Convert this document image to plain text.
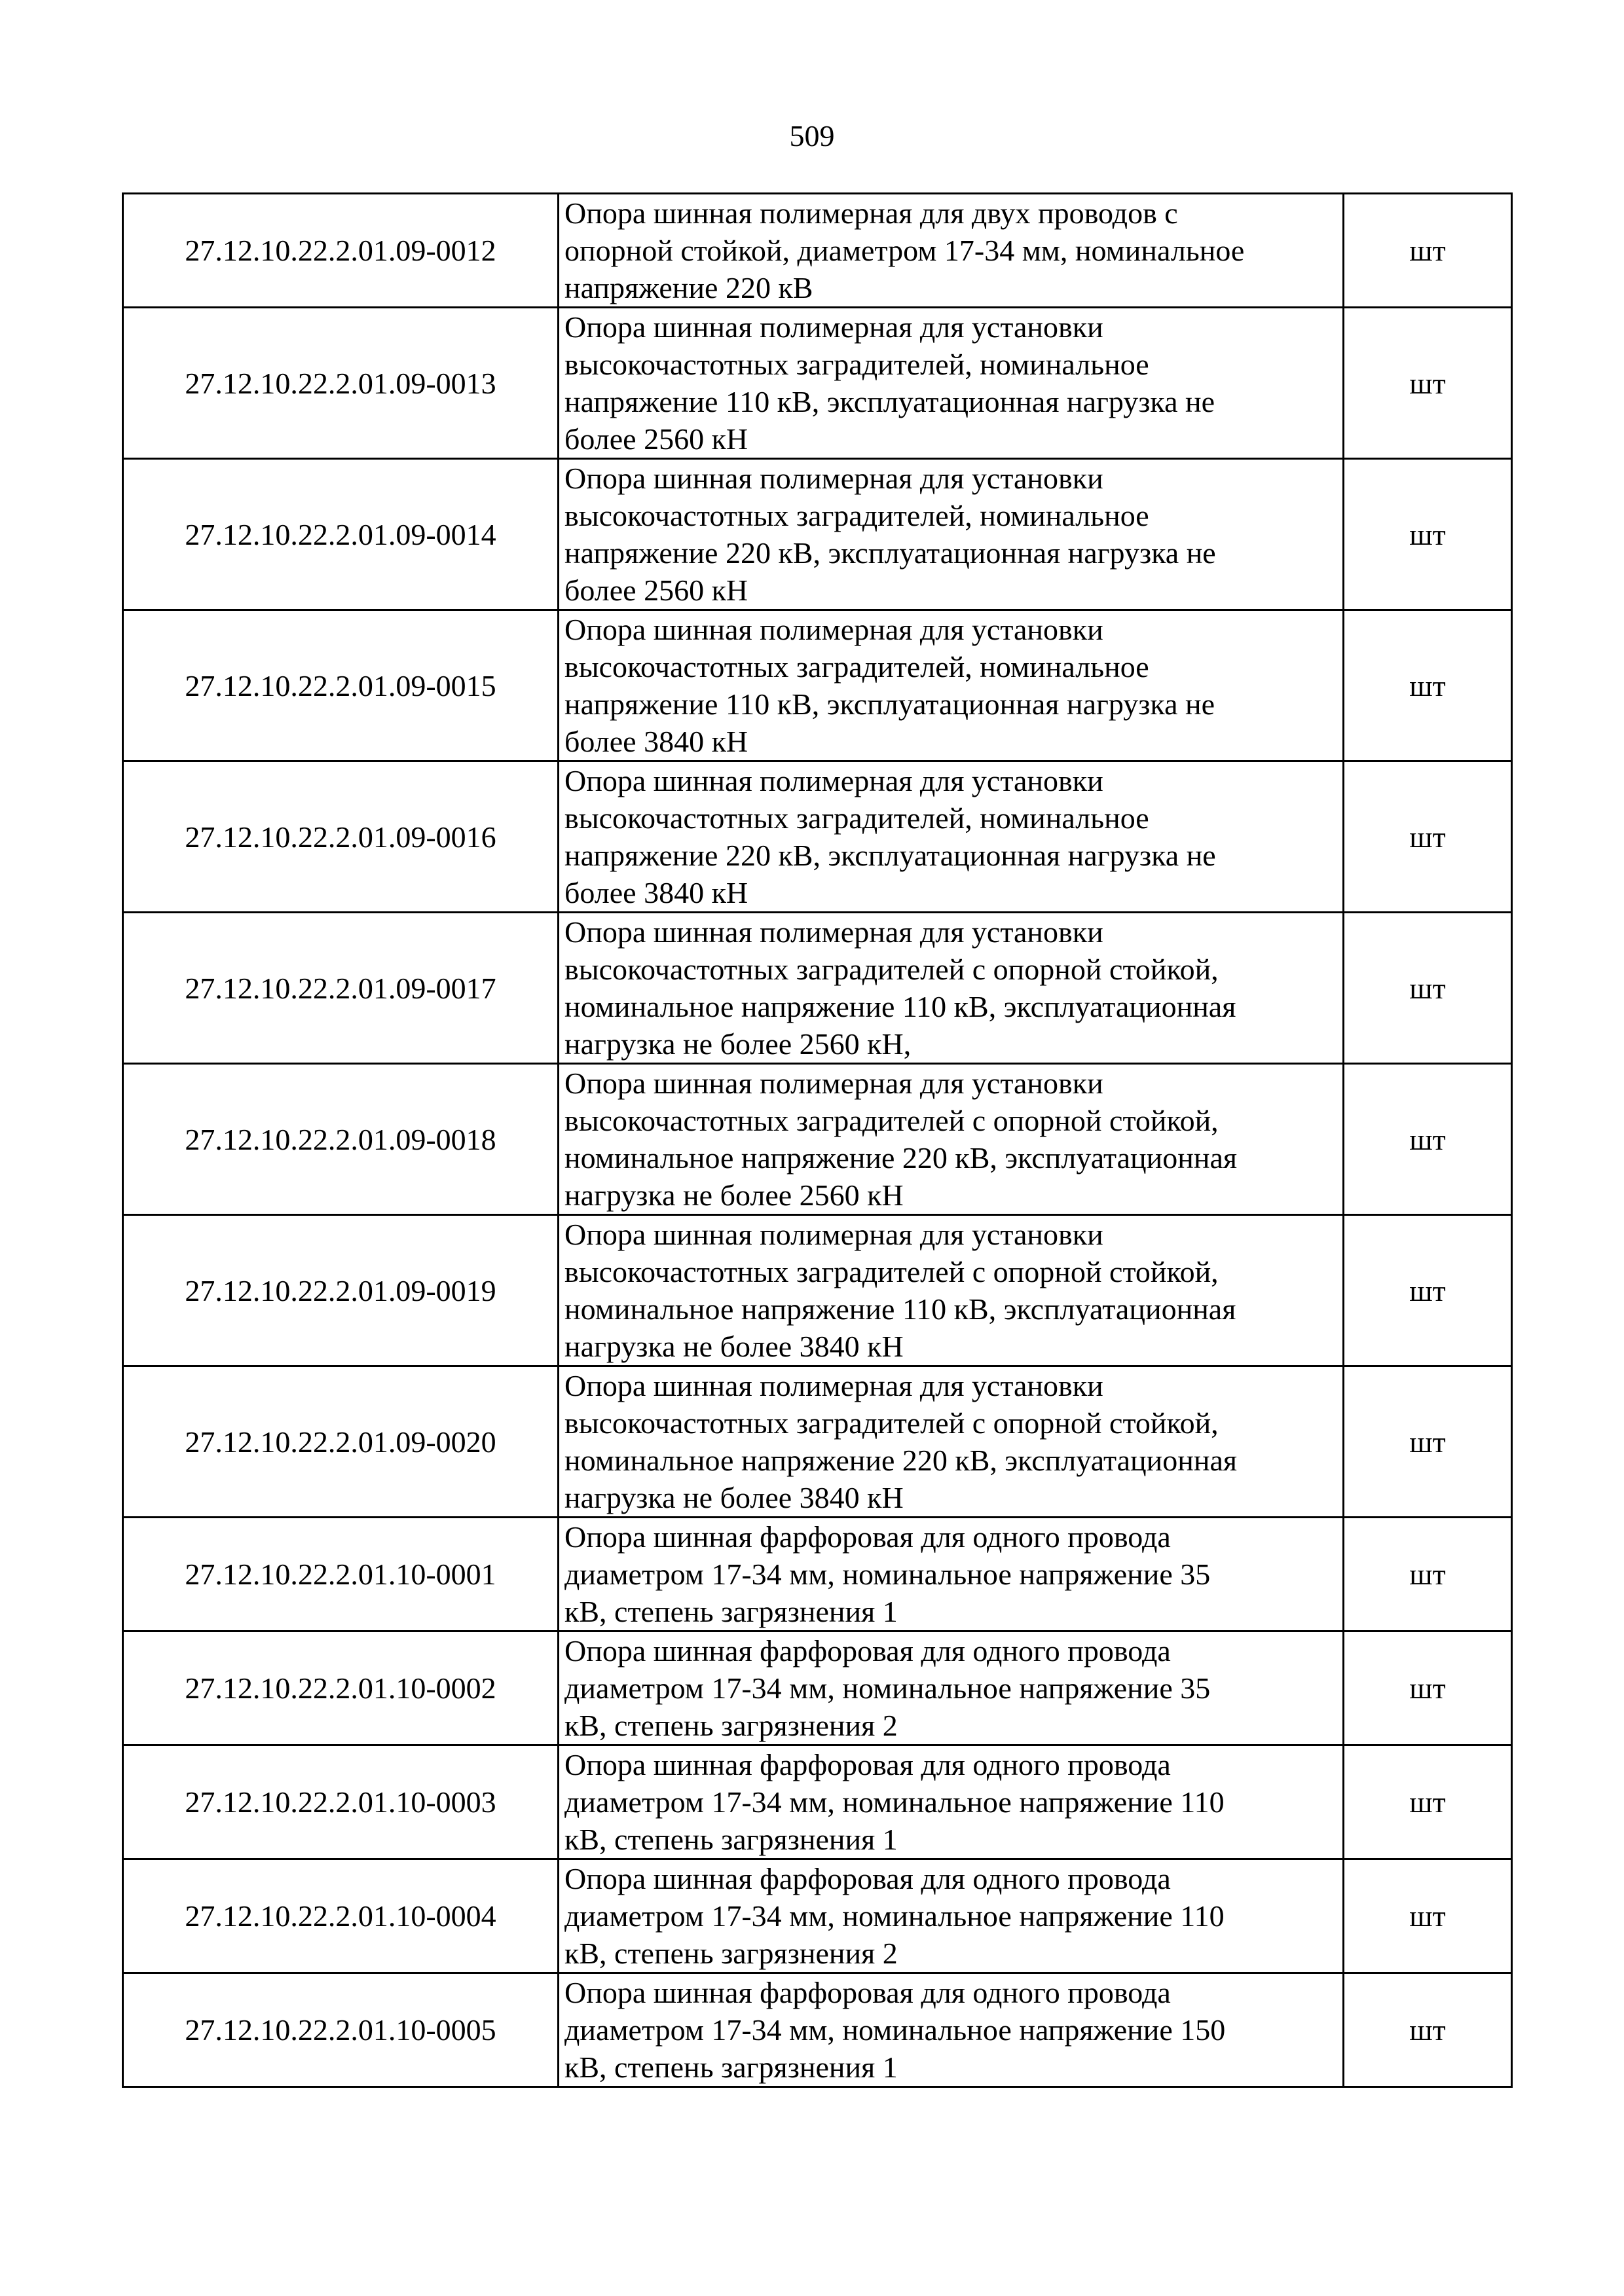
509
27.12.10.22.2.01.09-0012	Опора шинная полимерная для двух проводов с
опорной стойкой, диаметром 17-34 мм, номинальное
напряжение 220 кВ	шт
27.12.10.22.2.01.09-0013	Опора шинная полимерная для установки
высокочастотных заградителей, номинальное
напряжение 110 кВ, эксплуатационная нагрузка не
более 2560 кН	шт
27.12.10.22.2.01.09-0014	Опора шинная полимерная для установки
высокочастотных заградителей, номинальное
напряжение 220 кВ, эксплуатационная нагрузка не
более 2560 кН	шт
27.12.10.22.2.01.09-0015	Опора шинная полимерная для установки
высокочастотных заградителей, номинальное
напряжение 110 кВ, эксплуатационная нагрузка не
более 3840 кН	шт
27.12.10.22.2.01.09-0016	Опора шинная полимерная для установки
высокочастотных заградителей, номинальное
напряжение 220 кВ, эксплуатационная нагрузка не
более 3840 кН	шт
27.12.10.22.2.01.09-0017	Опора шинная полимерная для установки
высокочастотных заградителей с опорной стойкой,
номинальное напряжение 110 кВ, эксплуатационная
нагрузка не более 2560 кН,	шт
27.12.10.22.2.01.09-0018	Опора шинная полимерная для установки
высокочастотных заградителей с опорной стойкой,
номинальное напряжение 220 кВ, эксплуатационная
нагрузка не более 2560 кН	шт
27.12.10.22.2.01.09-0019	Опора шинная полимерная для установки
высокочастотных заградителей с опорной стойкой,
номинальное напряжение 110 кВ, эксплуатационная
нагрузка не более 3840 кН	шт
27.12.10.22.2.01.09-0020	Опора шинная полимерная для установки
высокочастотных заградителей с опорной стойкой,
номинальное напряжение 220 кВ, эксплуатационная
нагрузка не более 3840 кН	шт
27.12.10.22.2.01.10-0001	Опора шинная фарфоровая для одного провода
диаметром 17-34 мм, номинальное напряжение 35
кВ, степень загрязнения 1	шт
27.12.10.22.2.01.10-0002	Опора шинная фарфоровая для одного провода
диаметром 17-34 мм, номинальное напряжение 35
кВ, степень загрязнения 2	шт
27.12.10.22.2.01.10-0003	Опора шинная фарфоровая для одного провода
диаметром 17-34 мм, номинальное напряжение 110
кВ, степень загрязнения 1	шт
27.12.10.22.2.01.10-0004	Опора шинная фарфоровая для одного провода
диаметром 17-34 мм, номинальное напряжение 110
кВ, степень загрязнения 2	шт
27.12.10.22.2.01.10-0005	Опора шинная фарфоровая для одного провода
диаметром 17-34 мм, номинальное напряжение 150
кВ, степень загрязнения 1	шт
